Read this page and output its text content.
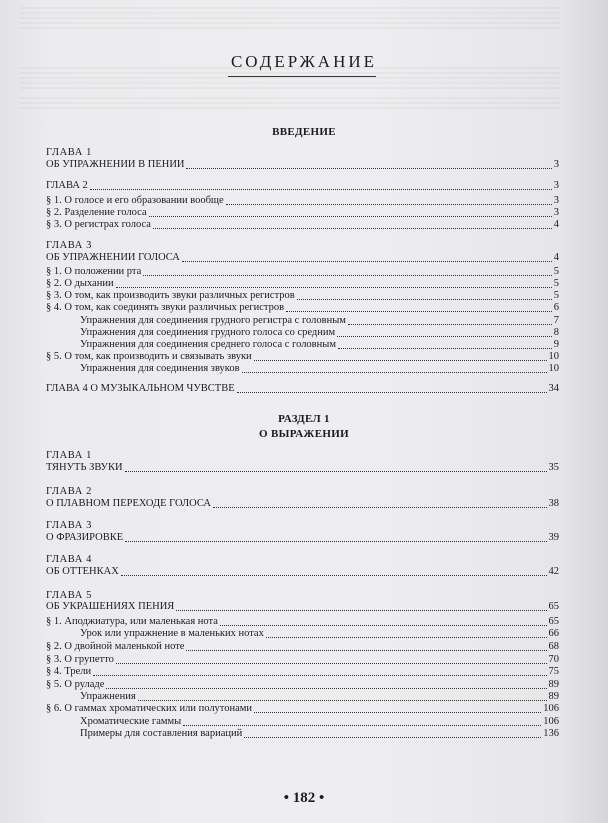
СОДЕРЖАНИЕ
ВВЕДЕНИЕ
ГЛАВА 1
ОБ УПРАЖНЕНИИ В ПЕНИИ	3
ГЛАВА 2	3
§ 1. О голосе и его образовании вообще	3
§ 2. Разделение голоса	3
§ 3. О регистрах голоса	4
ГЛАВА 3
ОБ УПРАЖНЕНИИ ГОЛОСА	4
§ 1. О положении рта	5
§ 2. О дыхании	5
§ 3. О том, как производить звуки различных регистров	5
§ 4. О том, как соединять звуки различных регистров	6
Упражнения для соединения грудного регистра с головным	7
Упражнения для соединения грудного голоса со средним	8
Упражнения для соединения среднего голоса с головным	9
§ 5. О том, как производить и связывать звуки	10
Упражнения для соединения звуков	10
ГЛАВА 4 О МУЗЫКАЛЬНОМ ЧУВСТВЕ	34
РАЗДЕЛ 1
О ВЫРАЖЕНИИ
ГЛАВА 1
ТЯНУТЬ ЗВУКИ	35
ГЛАВА 2
О ПЛАВНОМ ПЕРЕХОДЕ ГОЛОСА	38
ГЛАВА 3
О ФРАЗИРОВКЕ	39
ГЛАВА 4
ОБ ОТТЕНКАХ	42
ГЛАВА 5
ОБ УКРАШЕНИЯХ ПЕНИЯ	65
§ 1. Аподжиатура, или маленькая нота	65
Урок или упражнение в маленьких нотах	66
§ 2. О двойной маленькой ноте	68
§ 3. О групетто	70
§ 4. Трели	75
§ 5. О руладе	89
Упражнения	89
§ 6. О гаммах хроматических или полутонами	106
Хроматические гаммы	106
Примеры для составления вариаций	136
• 182 •
